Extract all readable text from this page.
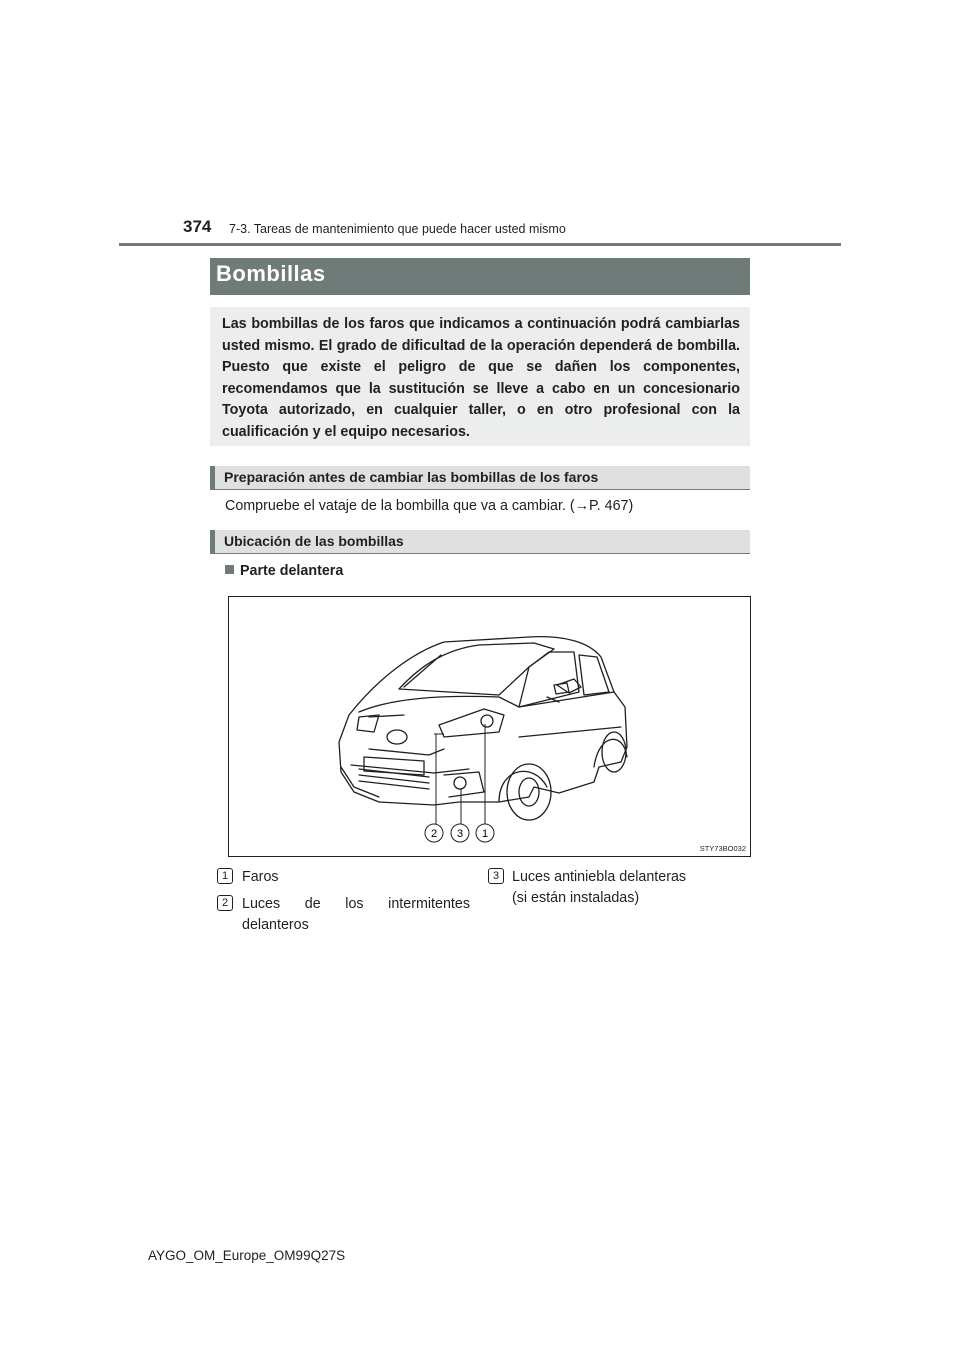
374 7-3. Tareas de mantenimiento que puede hacer usted mismo
Bombillas
Las bombillas de los faros que indicamos a continuación podrá cambiarlas usted mismo. El grado de dificultad de la operación dependerá de bombilla. Puesto que existe el peligro de que se dañen los componentes, recomendamos que la sustitución se lleve a cabo en un concesionario Toyota autorizado, en cualquier taller, o en otro profesional con la cualificación y el equipo necesarios.
Preparación antes de cambiar las bombillas de los faros
Compruebe el vataje de la bombilla que va a cambiar. (→P. 467)
Ubicación de las bombillas
Parte delantera
2 3 1
STY73BO032
1 Faros
2 Luces de los intermitentes
delanteros
3 Luces antiniebla delanteras
(si están instaladas)
AYGO_OM_Europe_OM99Q27S
